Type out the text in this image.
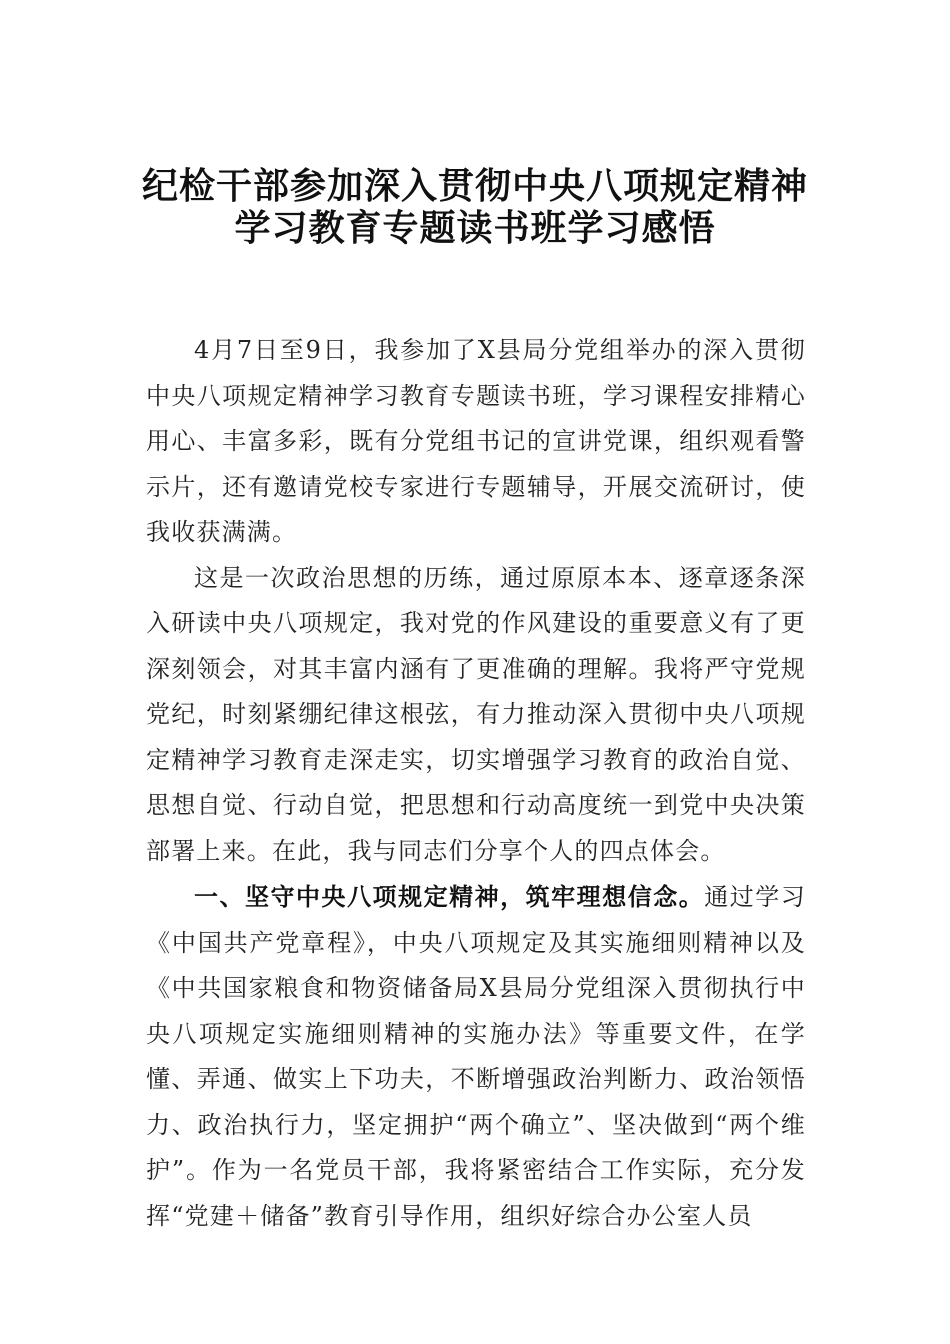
纪检干部参加深入贯彻中央八项规定精神
学习教育专题读书班学习感悟

4月7日至9日，我参加了X县局分党组举办的深入贯彻中央八项规定精神学习教育专题读书班，学习课程安排精心用心、丰富多彩，既有分党组书记的宣讲党课，组织观看警示片，还有邀请党校专家进行专题辅导，开展交流研讨，使我收获满满。

这是一次政治思想的历练，通过原原本本、逐章逐条深入研读中央八项规定，我对党的作风建设的重要意义有了更深刻领会，对其丰富内涵有了更准确的理解。我将严守党规党纪，时刻紧绷纪律这根弦，有力推动深入贯彻中央八项规定精神学习教育走深走实，切实增强学习教育的政治自觉、思想自觉、行动自觉，把思想和行动高度统一到党中央决策部署上来。在此，我与同志们分享个人的四点体会。

一、坚守中央八项规定精神，筑牢理想信念。通过学习《中国共产党章程》，中央八项规定及其实施细则精神以及《中共国家粮食和物资储备局X县局分党组深入贯彻执行中央八项规定实施细则精神的实施办法》等重要文件，在学懂、弄通、做实上下功夫，不断增强政治判断力、政治领悟力、政治执行力，坚定拥护“两个确立”、坚决做到“两个维护”。作为一名党员干部，我将紧密结合工作实际，充分发挥“党建＋储备”教育引导作用，组织好综合办公室人员
